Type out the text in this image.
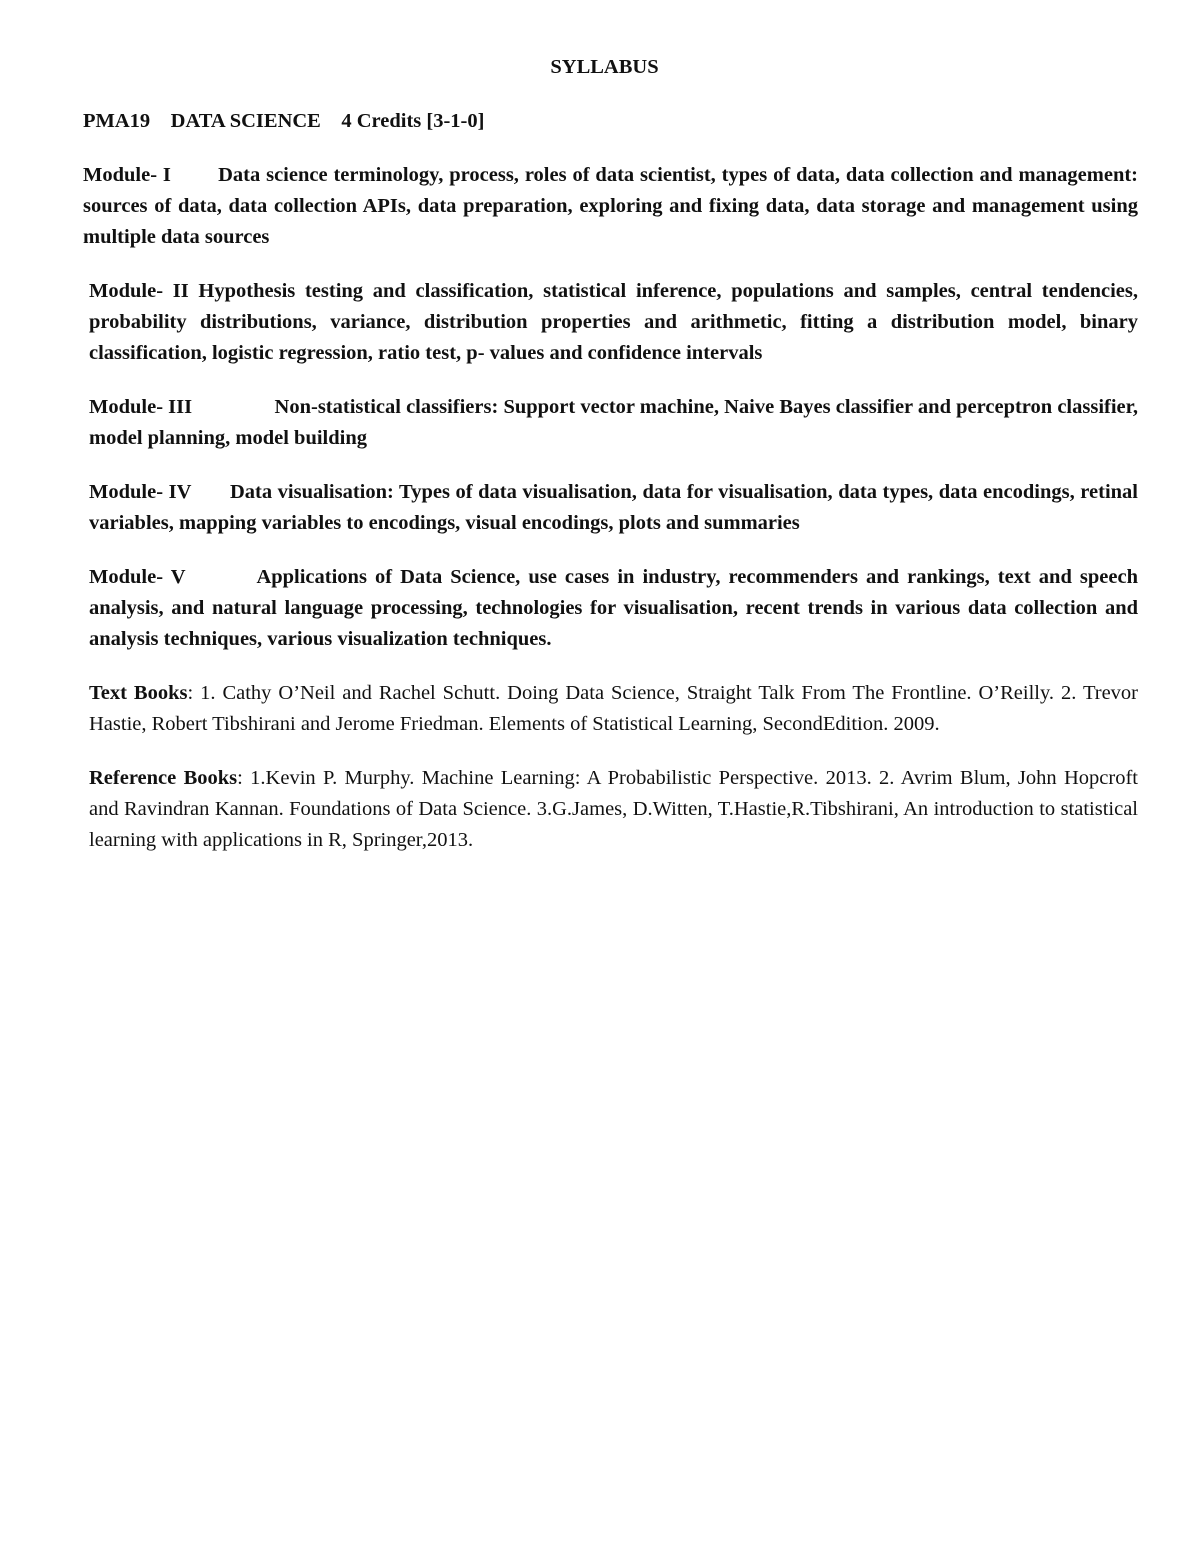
SYLLABUS
PMA19    DATA SCIENCE    4 Credits [3-1-0]
Module- I        Data science terminology, process, roles of data scientist, types of data, data collection and management: sources of data, data collection APIs, data preparation, exploring and fixing data, data storage and management using multiple data sources
Module- II Hypothesis testing and classification, statistical inference, populations and samples, central tendencies, probability distributions, variance, distribution properties and arithmetic, fitting a distribution model, binary classification, logistic regression, ratio test, p- values and confidence intervals
Module- III                Non-statistical classifiers: Support vector machine, Naive Bayes classifier and perceptron classifier, model planning, model building
Module- IV       Data visualisation: Types of data visualisation, data for visualisation, data types, data encodings, retinal variables, mapping variables to encodings, visual encodings, plots and summaries
Module- V         Applications of Data Science, use cases in industry, recommenders and rankings, text and speech analysis, and natural language processing, technologies for visualisation, recent trends in various data collection and analysis techniques, various visualization techniques.
Text Books: 1. Cathy O’Neil and Rachel Schutt. Doing Data Science, Straight Talk From The Frontline. O’Reilly. 2. Trevor Hastie, Robert Tibshirani and Jerome Friedman. Elements of Statistical Learning, SecondEdition. 2009.
Reference Books: 1.Kevin P. Murphy. Machine Learning: A Probabilistic Perspective. 2013. 2. Avrim Blum, John Hopcroft and Ravindran Kannan. Foundations of Data Science. 3.G.James, D.Witten, T.Hastie,R.Tibshirani, An introduction to statistical learning with applications in R, Springer,2013.
